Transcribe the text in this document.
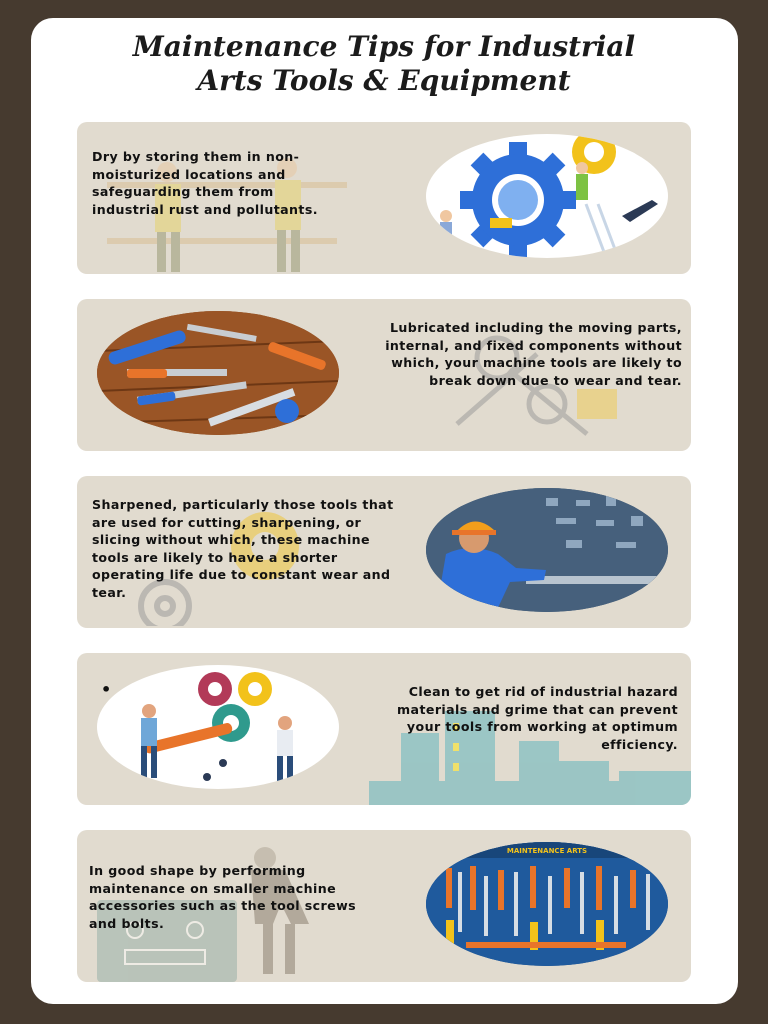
Maintenance Tips for Industrial
Arts Tools & Equipment

Dry by storing them in non-moisturized locations and safeguarding them from industrial rust and pollutants.

Lubricated including the moving parts, internal, and fixed components without which, your machine tools are likely to break down due to wear and tear.

Sharpened, particularly those tools that are used for cutting, sharpening, or slicing without which, these machine tools are likely to have a shorter operating life due to constant wear and tear.

•	Clean to get rid of industrial hazard materials and grime that can prevent your tools from working at optimum efficiency.

In good shape by performing maintenance on smaller machine accessories such as the tool screws and bolts.

MAINTENANCE ARTS
